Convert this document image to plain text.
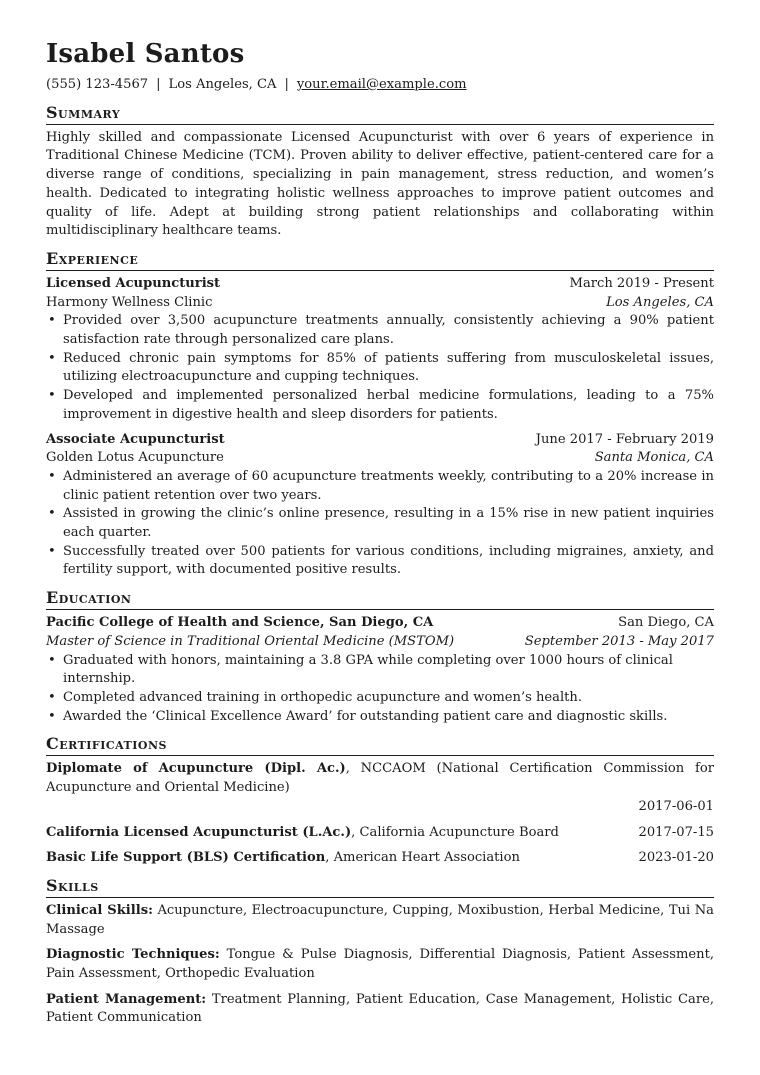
Isabel Santos
(555) 123-4567 | Los Angeles, CA | your.email@example.com
Summary

Highly skilled and compassionate Licensed Acupuncturist with over 6 years of experience in Traditional Chinese Medicine (TCM). Proven ability to deliver effective, patient-centered care for a diverse range of conditions, specializing in pain management, stress reduction, and women’s health. Dedicated to integrating holistic wellness approaches to improve patient outcomes and quality of life. Adept at building strong patient relationships and collaborating within multidisciplinary healthcare teams.

Experience
Licensed Acupuncturist	March 2019 - Present
Harmony Wellness Clinic	Los Angeles, CA
• Provided over 3,500 acupuncture treatments annually, consistently achieving a 90% patient satisfaction rate through personalized care plans.
• Reduced chronic pain symptoms for 85% of patients suffering from musculoskeletal issues, utilizing electroacupuncture and cupping techniques.
• Developed and implemented personalized herbal medicine formulations, leading to a 75% improvement in digestive health and sleep disorders for patients.
Associate Acupuncturist	June 2017 - February 2019
Golden Lotus Acupuncture	Santa Monica, CA
• Administered an average of 60 acupuncture treatments weekly, contributing to a 20% increase in clinic patient retention over two years.
• Assisted in growing the clinic’s online presence, resulting in a 15% rise in new patient inquiries each quarter.
• Successfully treated over 500 patients for various conditions, including migraines, anxiety, and fertility support, with documented positive results.
Education
Pacific College of Health and Science, San Diego, CA	San Diego, CA
Master of Science in Traditional Oriental Medicine (MSTOM)	September 2013 - May 2017
• Graduated with honors, maintaining a 3.8 GPA while completing over 1000 hours of clinical internship.
• Completed advanced training in orthopedic acupuncture and women’s health.
• Awarded the ‘Clinical Excellence Award’ for outstanding patient care and diagnostic skills.
Certifications
Diplomate of Acupuncture (Dipl. Ac.), NCCAOM (National Certification Commission for Acupuncture and Oriental Medicine)
2017-06-01
California Licensed Acupuncturist (L.Ac.), California Acupuncture Board	2017-07-15
Basic Life Support (BLS) Certification, American Heart Association	2023-01-20
Skills
Clinical Skills: Acupuncture, Electroacupuncture, Cupping, Moxibustion, Herbal Medicine, Tui Na Massage
Diagnostic Techniques: Tongue & Pulse Diagnosis, Differential Diagnosis, Patient Assessment, Pain Assessment, Orthopedic Evaluation
Patient Management: Treatment Planning, Patient Education, Case Management, Holistic Care, Patient Communication
